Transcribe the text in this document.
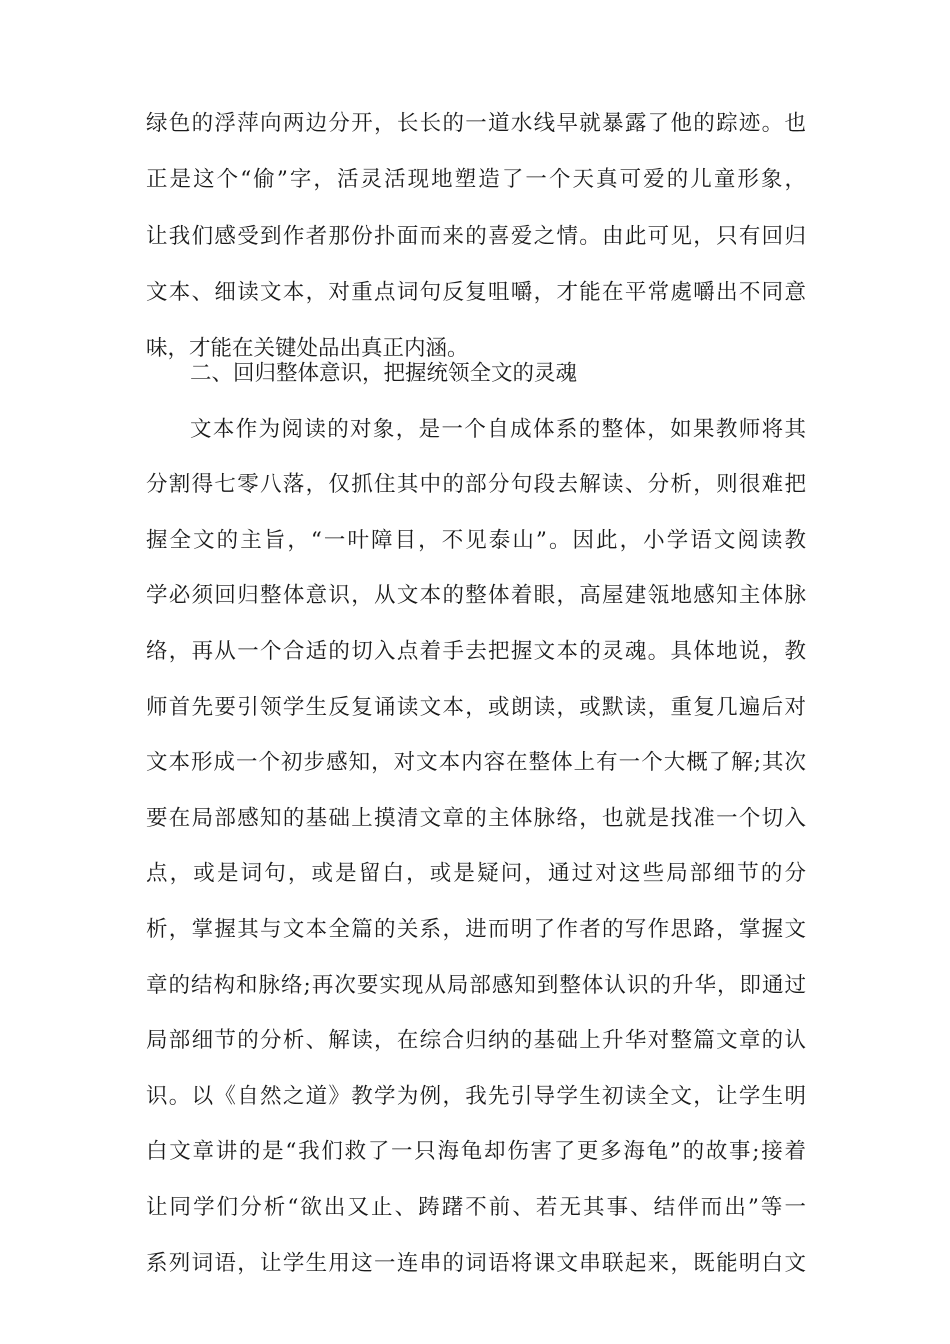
绿色的浮萍向两边分开，长长的一道水线早就暴露了他的踪迹。也
正是这个“偷”字，活灵活现地塑造了一个天真可爱的儿童形象，
让我们感受到作者那份扑面而来的喜爱之情。由此可见，只有回归
文本、细读文本，对重点词句反复咀嚼，才能在平常處嚼出不同意
味，才能在关键处品出真正内涵。
二、回归整体意识，把握统领全文的灵魂
文本作为阅读的对象，是一个自成体系的整体，如果教师将其
分割得七零八落，仅抓住其中的部分句段去解读、分析，则很难把
握全文的主旨，“一叶障目，不见泰山”。因此，小学语文阅读教
学必须回归整体意识，从文本的整体着眼，高屋建瓴地感知主体脉
络，再从一个合适的切入点着手去把握文本的灵魂。具体地说，教
师首先要引领学生反复诵读文本，或朗读，或默读，重复几遍后对
文本形成一个初步感知，对文本内容在整体上有一个大概了解;其次
要在局部感知的基础上摸清文章的主体脉络，也就是找准一个切入
点，或是词句，或是留白，或是疑问，通过对这些局部细节的分
析，掌握其与文本全篇的关系，进而明了作者的写作思路，掌握文
章的结构和脉络;再次要实现从局部感知到整体认识的升华，即通过
局部细节的分析、解读，在综合归纳的基础上升华对整篇文章的认
识。以《自然之道》教学为例，我先引导学生初读全文，让学生明
白文章讲的是“我们救了一只海龟却伤害了更多海龟”的故事;接着
让同学们分析“欲出又止、踌躇不前、若无其事、结伴而出”等一
系列词语，让学生用这一连串的词语将课文串联起来，既能明白文
